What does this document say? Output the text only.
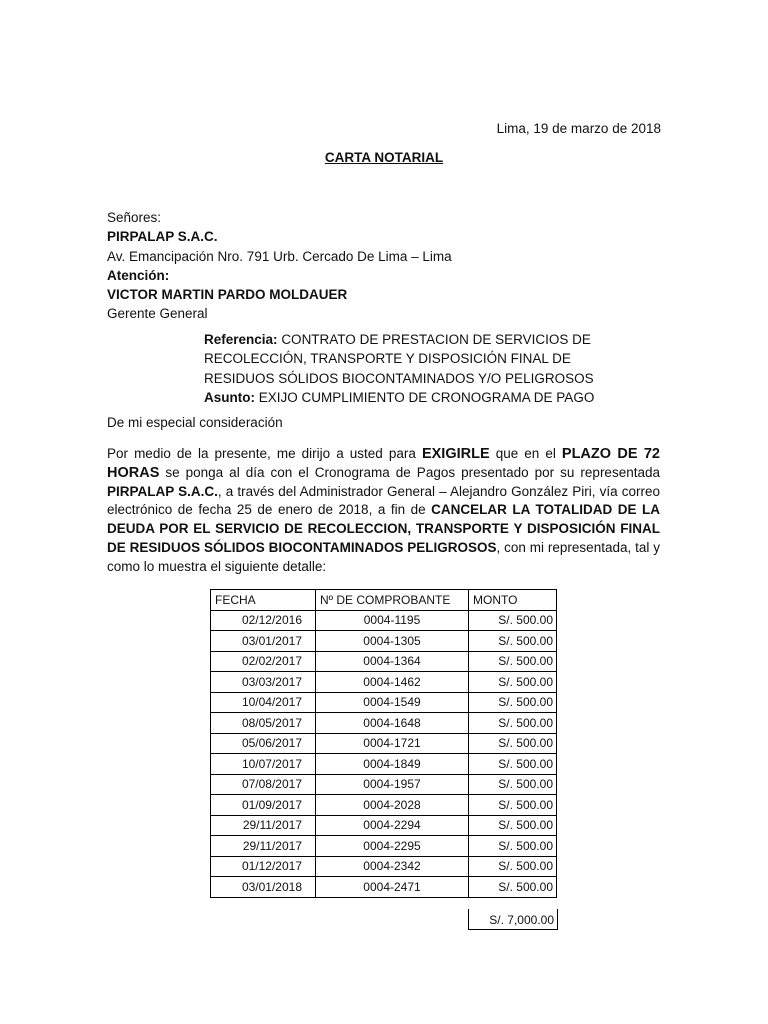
Lima, 19 de marzo de 2018
CARTA NOTARIAL
Señores:
PIRPALAP S.A.C.
Av. Emancipación Nro. 791 Urb. Cercado De Lima – Lima
Atención:
VICTOR MARTIN PARDO MOLDAUER
Gerente General
Referencia: CONTRATO DE PRESTACION DE SERVICIOS DE RECOLECCIÓN, TRANSPORTE Y DISPOSICIÓN FINAL DE RESIDUOS SÓLIDOS BIOCONTAMINADOS Y/O PELIGROSOS
Asunto: EXIJO CUMPLIMIENTO DE CRONOGRAMA DE PAGO
De mi especial consideración
Por medio de la presente, me dirijo a usted para EXIGIRLE que en el PLAZO DE 72 HORAS se ponga al día con el Cronograma de Pagos presentado por su representada PIRPALAP S.A.C., a través del Administrador General – Alejandro González Piri, vía correo electrónico de fecha 25 de enero de 2018, a fin de CANCELAR LA TOTALIDAD DE LA DEUDA POR EL SERVICIO DE RECOLECCION, TRANSPORTE Y DISPOSICIÓN FINAL DE RESIDUOS SÓLIDOS BIOCONTAMINADOS PELIGROSOS, con mi representada, tal y como lo muestra el siguiente detalle:
FECHA	Nº DE COMPROBANTE	MONTO
02/12/2016	0004-1195	S/. 500.00
03/01/2017	0004-1305	S/. 500.00
02/02/2017	0004-1364	S/. 500.00
03/03/2017	0004-1462	S/. 500.00
10/04/2017	0004-1549	S/. 500.00
08/05/2017	0004-1648	S/. 500.00
05/06/2017	0004-1721	S/. 500.00
10/07/2017	0004-1849	S/. 500.00
07/08/2017	0004-1957	S/. 500.00
01/09/2017	0004-2028	S/. 500.00
29/11/2017	0004-2294	S/. 500.00
29/11/2017	0004-2295	S/. 500.00
01/12/2017	0004-2342	S/. 500.00
03/01/2018	0004-2471	S/. 500.00
S/. 7,000.00
